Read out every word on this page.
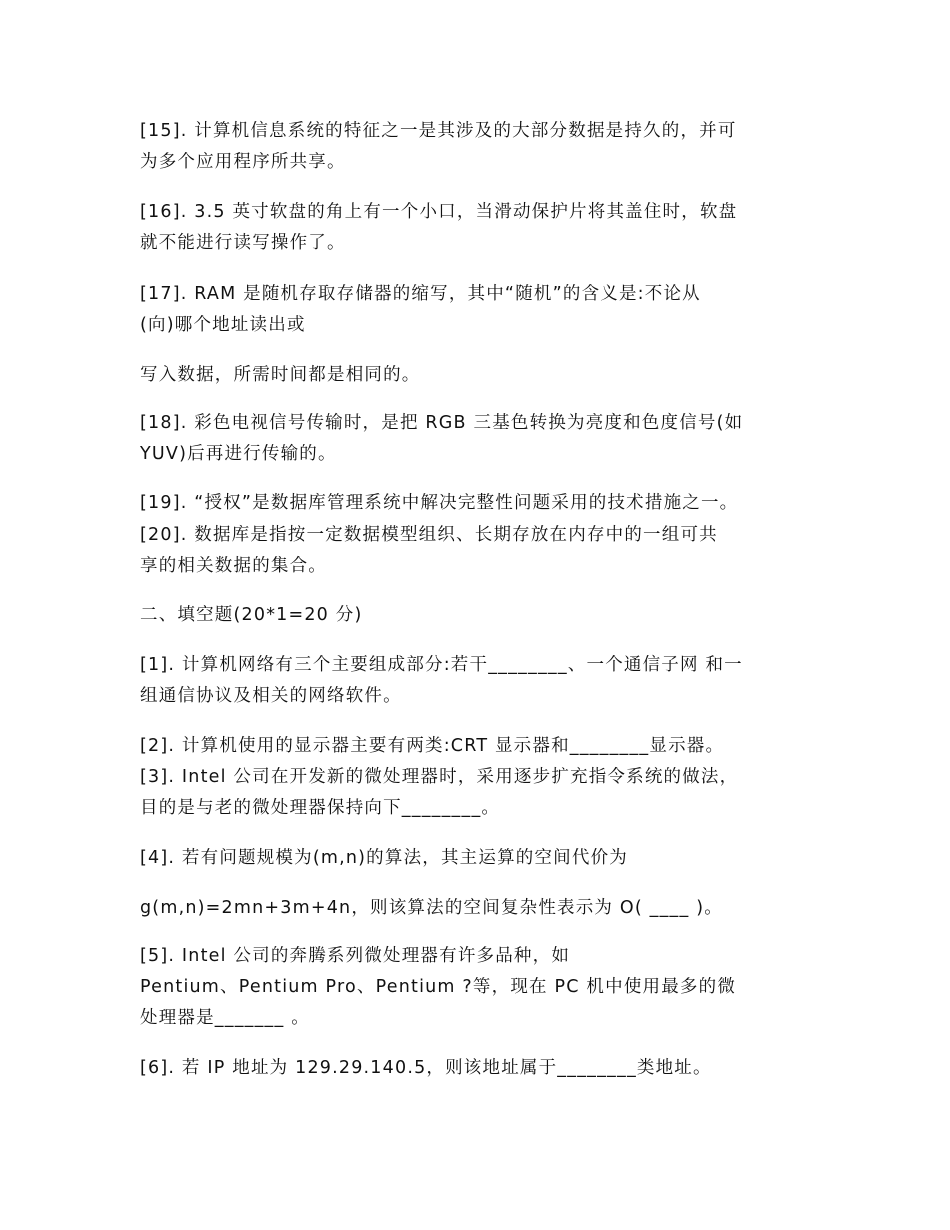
[15]. 计算机信息系统的特征之一是其涉及的大部分数据是持久的，并可
为多个应用程序所共享。
[16]. 3.5 英寸软盘的角上有一个小口，当滑动保护片将其盖住时，软盘
就不能进行读写操作了。
[17]. RAM 是随机存取存储器的缩写，其中“随机”的含义是:不论从
(向)哪个地址读出或
写入数据，所需时间都是相同的。
[18]. 彩色电视信号传输时，是把 RGB 三基色转换为亮度和色度信号(如
YUV)后再进行传输的。
[19]. “授权”是数据库管理系统中解决完整性问题采用的技术措施之一。
[20]. 数据库是指按一定数据模型组织、长期存放在内存中的一组可共
享的相关数据的集合。
二、填空题(20*1=20 分)
[1]. 计算机网络有三个主要组成部分:若干________、一个通信子网 和一
组通信协议及相关的网络软件。
[2]. 计算机使用的显示器主要有两类:CRT 显示器和________显示器。
[3]. Intel 公司在开发新的微处理器时，采用逐步扩充指令系统的做法，
目的是与老的微处理器保持向下________。
[4]. 若有问题规模为(m,n)的算法，其主运算的空间代价为
g(m,n)=2mn+3m+4n，则该算法的空间复杂性表示为 O( ____ )。
[5]. Intel 公司的奔腾系列微处理器有许多品种，如
Pentium、Pentium Pro、Pentium ?等，现在 PC 机中使用最多的微
处理器是_______ 。
[6]. 若 IP 地址为 129.29.140.5，则该地址属于________类地址。
